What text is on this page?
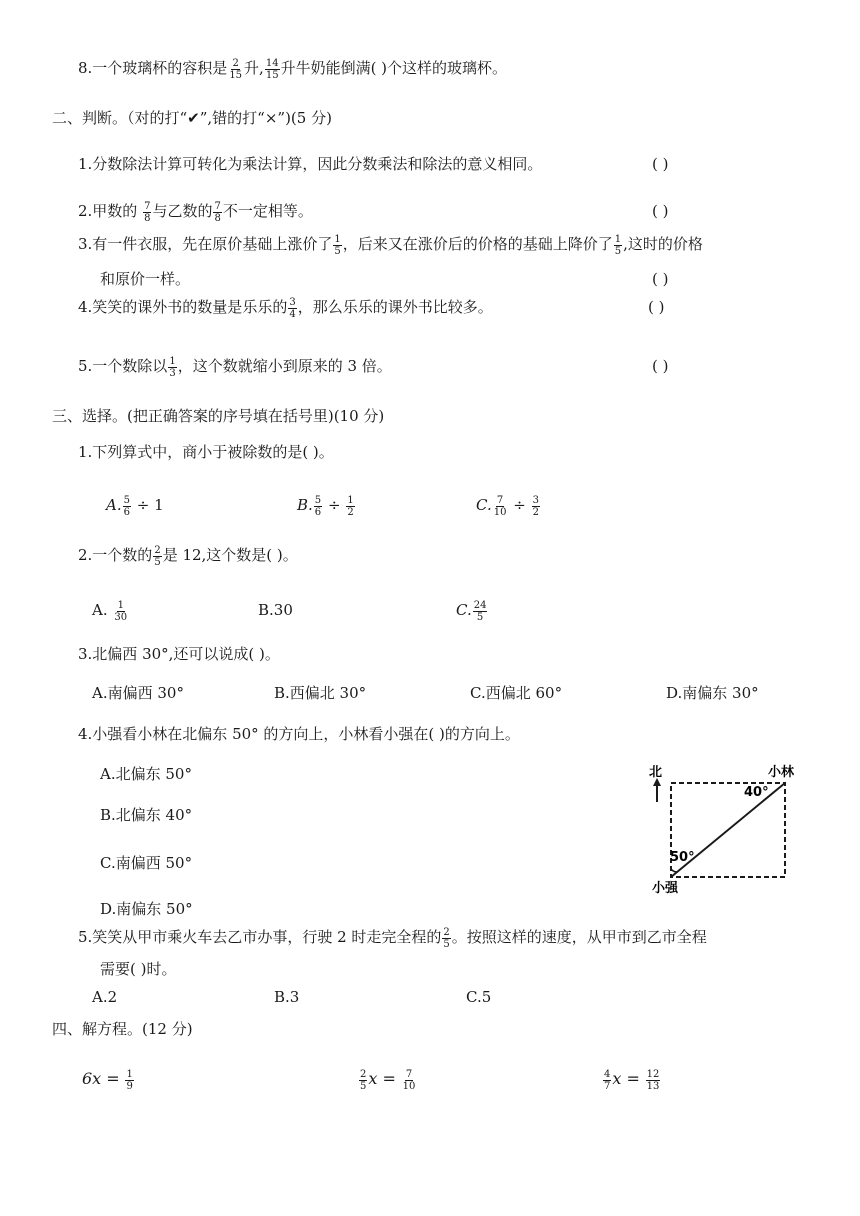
8.一个玻璃杯的容积是 $\frac{2}{15}$ 升, $\frac{14}{15}$ 升牛奶能倒满( )个这样的玻璃杯。
二、判断。（对的打“✔”,错的打“×”)(5 分)
1.分数除法计算可转化为乘法计算，因此分数乘法和除法的意义相同。	( )
2.甲数的 $\frac{7}{8}$ 与乙数的 $\frac{7}{8}$ 不一定相等。	( )
3.有一件衣服，先在原价基础上涨价了 $\frac{1}{5}$ ，后来又在涨价后的价格的基础上降价了 $\frac{1}{5}$ ,这时的价格
和原价一样。	( )
4.笑笑的课外书的数量是乐乐的 $\frac{3}{4}$ ，那么乐乐的课外书比较多。	( )
5.一个数除以 $\frac{1}{3}$ ，这个数就缩小到原来的 3 倍。	( )
三、选择。(把正确答案的序号填在括号里)(10 分)
1.下列算式中，商小于被除数的是( )。
A. $\frac{5}{6} \div 1$	B. $\frac{5}{6} \div \frac{1}{2}$	C. $\frac{7}{10} \div \frac{3}{2}$
2.一个数的 $\frac{2}{5}$ 是 12,这个数是( )。
A. $\frac{1}{30}$	B.30	C. $\frac{24}{5}$
3.北偏西 30°,还可以说成( )。
A.南偏西 30°	B.西偏北 30°	C.西偏北 60°	D.南偏东 30°
4.小强看小林在北偏东 50° 的方向上，小林看小强在( )的方向上。
A.北偏东 50°
B.北偏东 40°
C.南偏西 50°
D.南偏东 50°
北	小林
小强
40°
50°
5.笑笑从甲市乘火车去乙市办事，行驶 2 时走完全程的 $\frac{2}{5}$ 。按照这样的速度，从甲市到乙市全程
需要( )时。
A.2	B.3	C.5
四、解方程。(12 分)
$6x = \frac{1}{9}$	$\frac{2}{5}$ $x = \frac{7}{10}$	$\frac{4}{7}$ $x = \frac{12}{13}$
